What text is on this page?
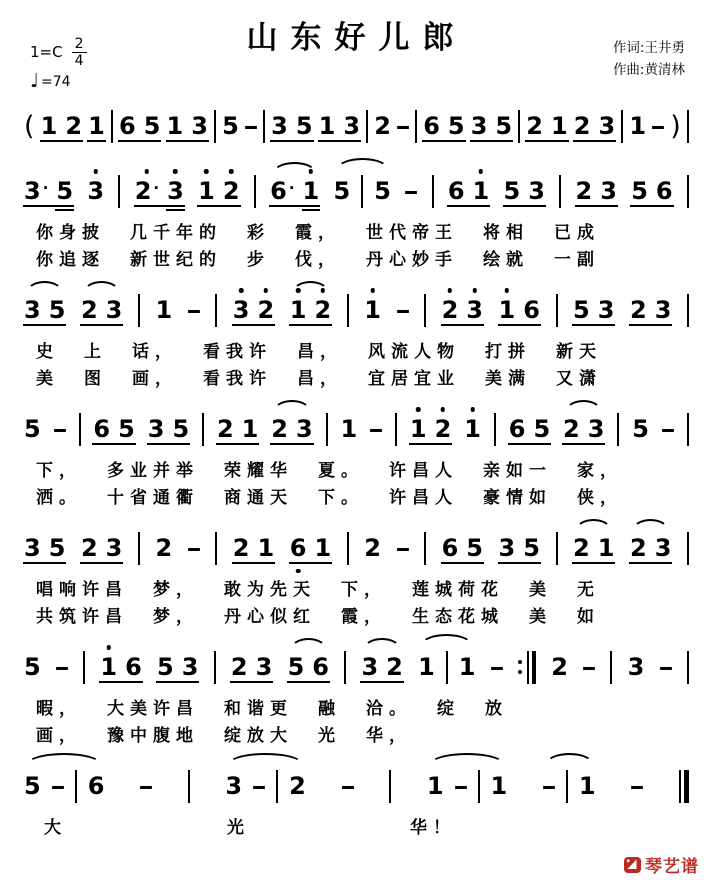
山东好儿郎
$1=C \frac{2}{4}$
♩ =74
作词:王井勇
作曲:黄清林
( 1 2 1 6 5 1 3 5 – 3 5 1 3 2 – 6 5 3 5 2 1 2 3 1 – )
3 · 5 3 2 · 3 1 2 6 · 1 5 5 – 6 1 5 3 2 3 5 6
你身披 几千年的 彩 霞， 世代帝王 将相 已成
你追逐 新世纪的 步 伐， 丹心妙手 绘就 一副
3 5 2 3 1 – 3 2 1 2 1 – 2 3 1 6 5 3 2 3
史 上 话， 看我许 昌， 风流人物 打拼 新天
美 图 画， 看我许 昌， 宜居宜业 美满 又潇
5 – 6 5 3 5 2 1 2 3 1 – 1 2 1 6 5 2 3 5 –
下， 多业并举 荣耀华 夏。 许昌人 亲如一 家，
洒。 十省通衢 商通天 下。 许昌人 豪情如 侠，
3 5 2 3 2 – 2 1 6 1 2 – 6 5 3 5 2 1 2 3
唱响许昌 梦， 敢为先天 下， 莲城荷花 美 无
共筑许昌 梦， 丹心似红 霞， 生态花城 美 如
5 – 1 6 5 3 2 3 5 6 3 2 1 1 – 2 – 3 –
暇， 大美许昌 和谐更 融 洽。 绽 放
画， 豫中腹地 绽放大 光 华，
5 – 6 –	3 – 2 –	1 – 1 – 1 –
大	光	华！
琴艺谱
